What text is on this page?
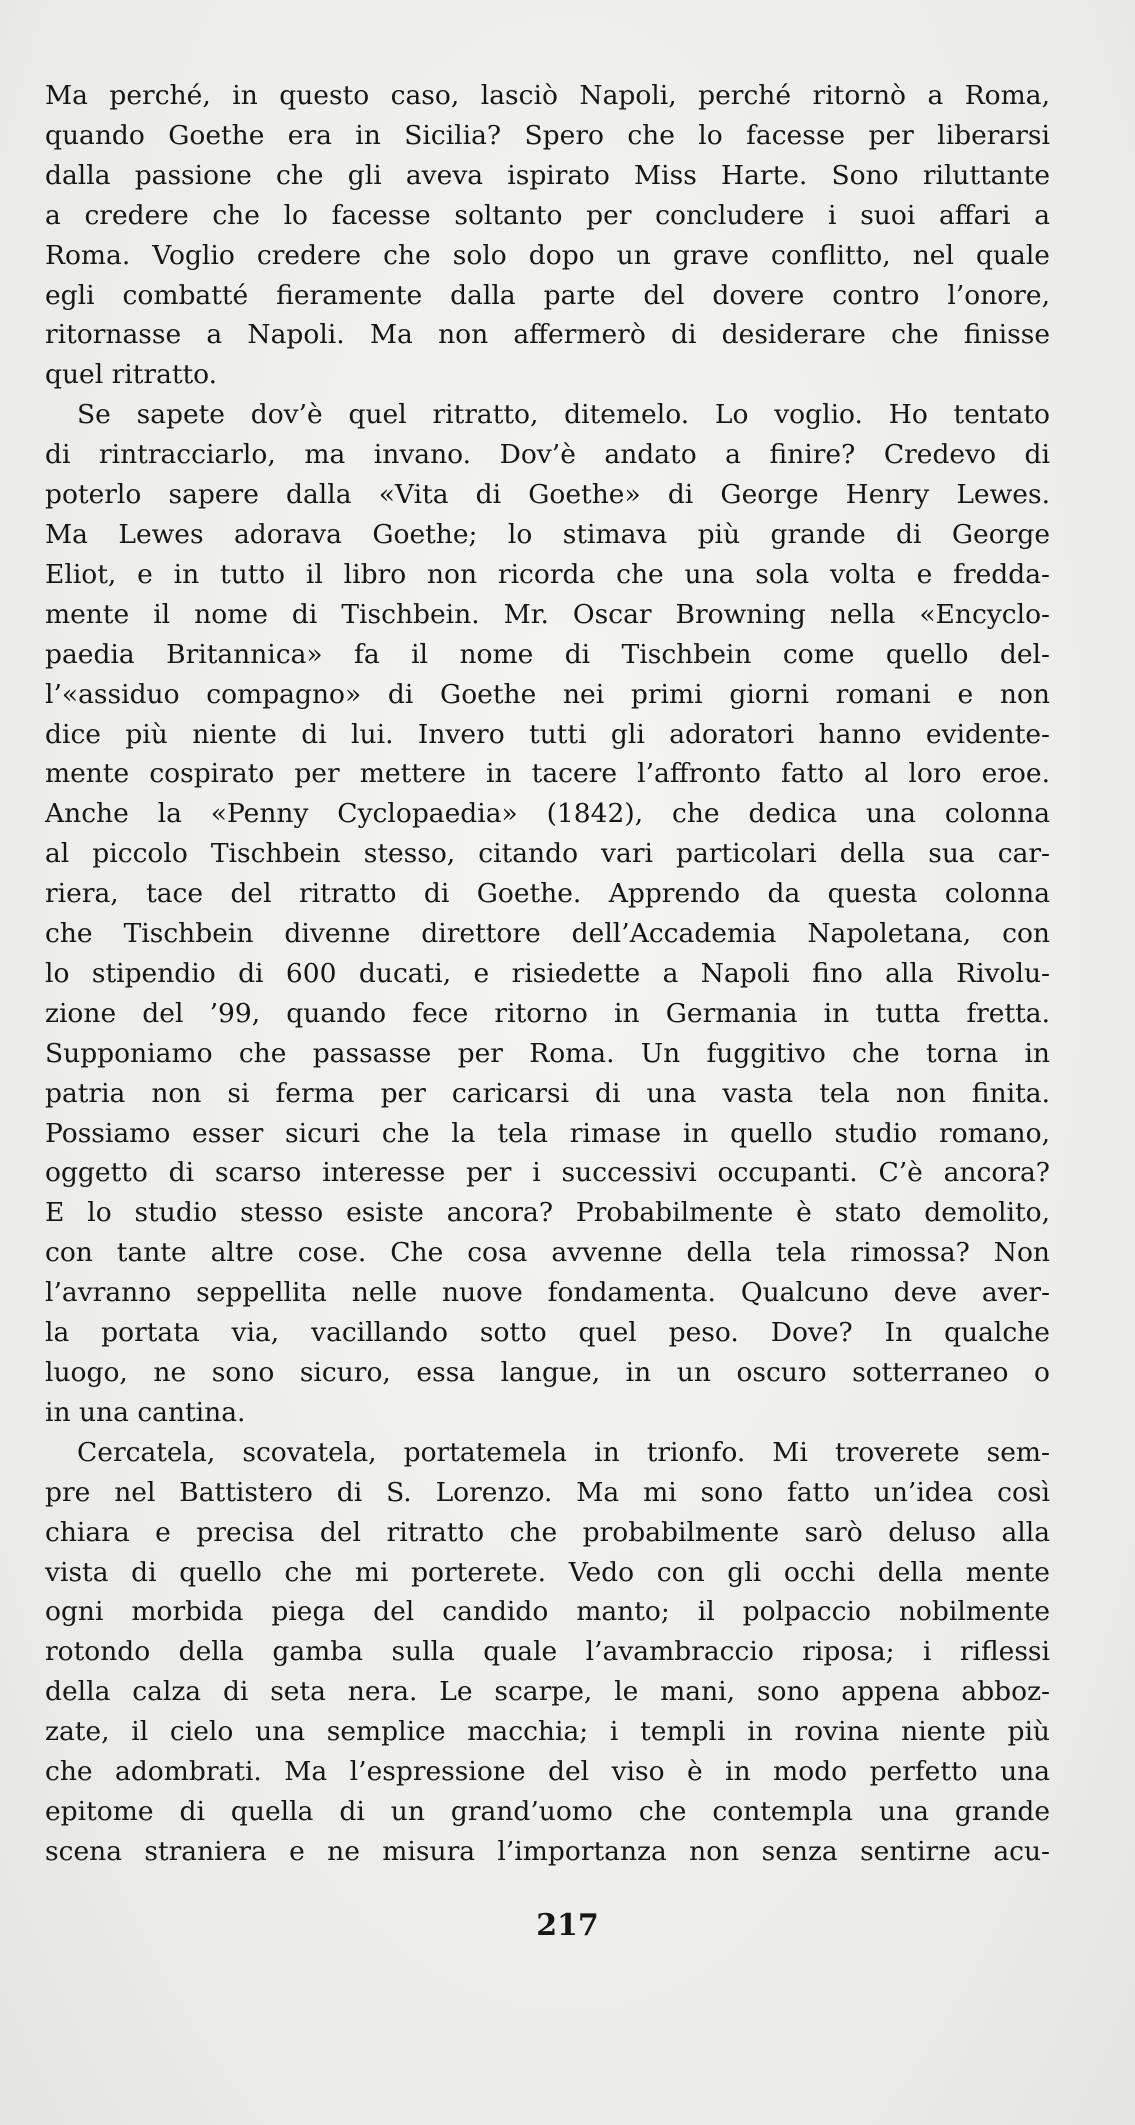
Ma perché, in questo caso, lasciò Napoli, perché ritornò a Roma,
quando Goethe era in Sicilia? Spero che lo facesse per liberarsi
dalla passione che gli aveva ispirato Miss Harte. Sono riluttante
a credere che lo facesse soltanto per concludere i suoi affari a
Roma. Voglio credere che solo dopo un grave conflitto, nel quale
egli combatté fieramente dalla parte del dovere contro l’onore,
ritornasse a Napoli. Ma non affermerò di desiderare che finisse
quel ritratto.
Se sapete dov’è quel ritratto, ditemelo. Lo voglio. Ho tentato
di rintracciarlo, ma invano. Dov’è andato a finire? Credevo di
poterlo sapere dalla «Vita di Goethe» di George Henry Lewes.
Ma Lewes adorava Goethe; lo stimava più grande di George
Eliot, e in tutto il libro non ricorda che una sola volta e fredda-
mente il nome di Tischbein. Mr. Oscar Browning nella «Encyclo-
paedia Britannica» fa il nome di Tischbein come quello del-
l’«assiduo compagno» di Goethe nei primi giorni romani e non
dice più niente di lui. Invero tutti gli adoratori hanno evidente-
mente cospirato per mettere in tacere l’affronto fatto al loro eroe.
Anche la «Penny Cyclopaedia» (1842), che dedica una colonna
al piccolo Tischbein stesso, citando vari particolari della sua car-
riera, tace del ritratto di Goethe. Apprendo da questa colonna
che Tischbein divenne direttore dell’Accademia Napoletana, con
lo stipendio di 600 ducati, e risiedette a Napoli fino alla Rivolu-
zione del ’99, quando fece ritorno in Germania in tutta fretta.
Supponiamo che passasse per Roma. Un fuggitivo che torna in
patria non si ferma per caricarsi di una vasta tela non finita.
Possiamo esser sicuri che la tela rimase in quello studio romano,
oggetto di scarso interesse per i successivi occupanti. C’è ancora?
E lo studio stesso esiste ancora? Probabilmente è stato demolito,
con tante altre cose. Che cosa avvenne della tela rimossa? Non
l’avranno seppellita nelle nuove fondamenta. Qualcuno deve aver-
la portata via, vacillando sotto quel peso. Dove? In qualche
luogo, ne sono sicuro, essa langue, in un oscuro sotterraneo o
in una cantina.
Cercatela, scovatela, portatemela in trionfo. Mi troverete sem-
pre nel Battistero di S. Lorenzo. Ma mi sono fatto un’idea così
chiara e precisa del ritratto che probabilmente sarò deluso alla
vista di quello che mi porterete. Vedo con gli occhi della mente
ogni morbida piega del candido manto; il polpaccio nobilmente
rotondo della gamba sulla quale l’avambraccio riposa; i riflessi
della calza di seta nera. Le scarpe, le mani, sono appena abboz-
zate, il cielo una semplice macchia; i templi in rovina niente più
che adombrati. Ma l’espressione del viso è in modo perfetto una
epitome di quella di un grand’uomo che contempla una grande
scena straniera e ne misura l’importanza non senza sentirne acu-
217
